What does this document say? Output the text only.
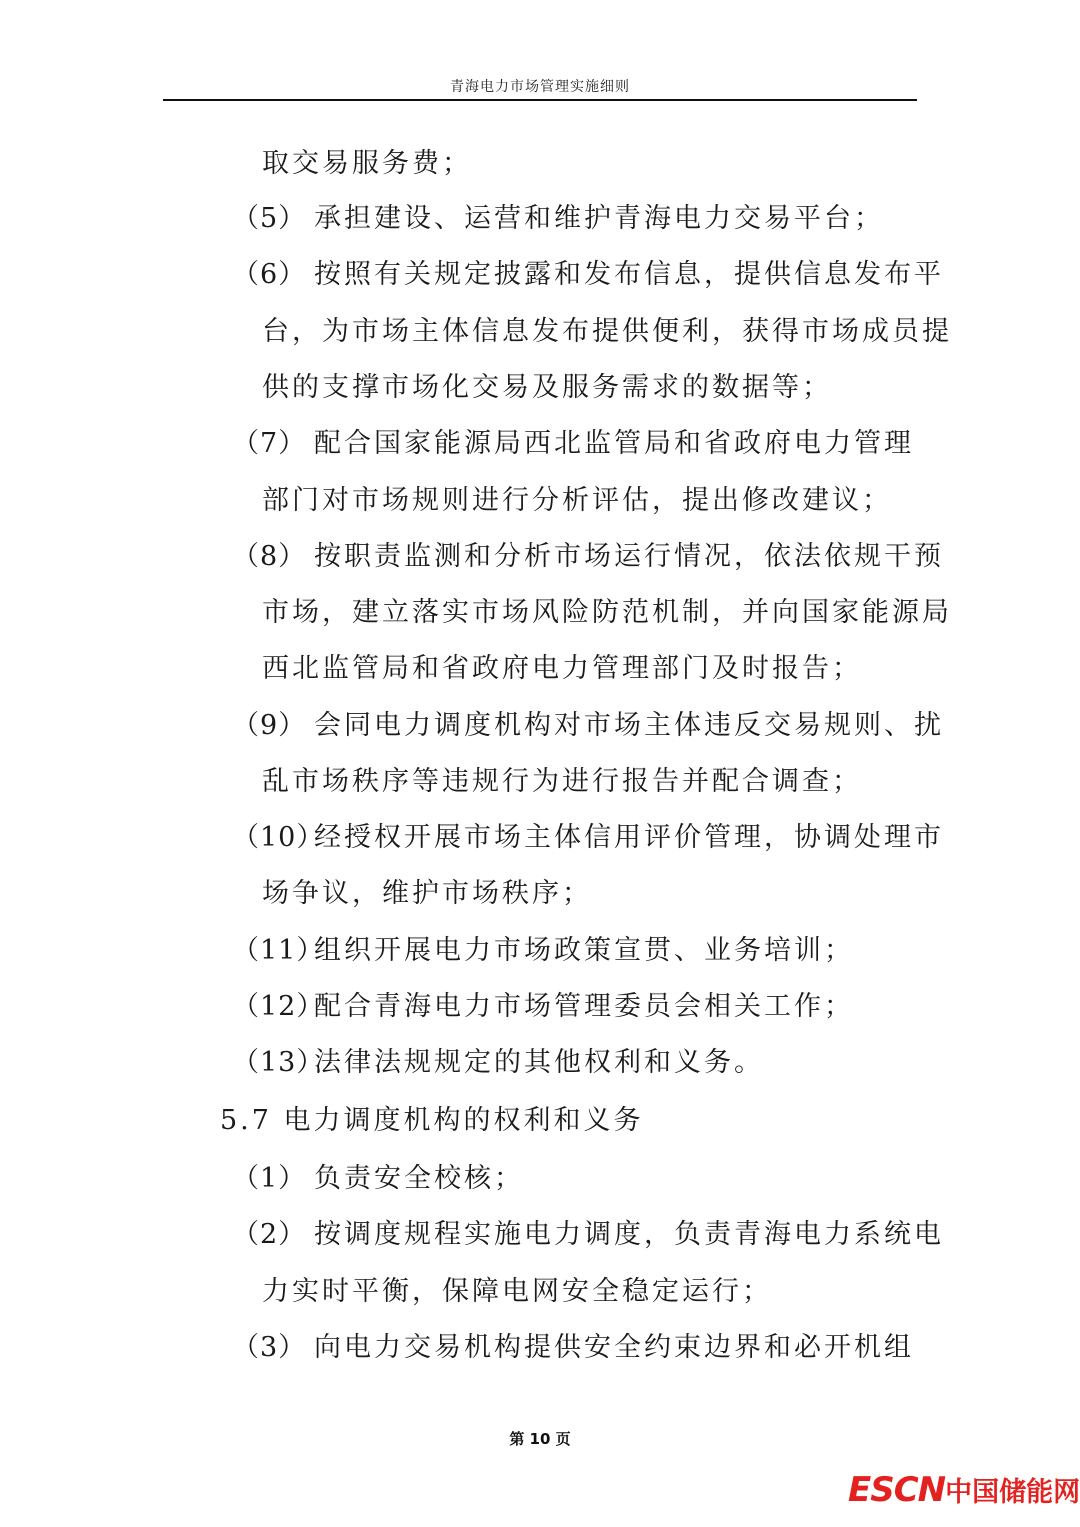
青海电力市场管理实施细则
取交易服务费；
（5） 承担建设、运营和维护青海电力交易平台；
（6） 按照有关规定披露和发布信息，提供信息发布平
台，为市场主体信息发布提供便利，获得市场成员提
供的支撑市场化交易及服务需求的数据等；
（7） 配合国家能源局西北监管局和省政府电力管理
部门对市场规则进行分析评估，提出修改建议；
（8） 按职责监测和分析市场运行情况，依法依规干预
市场，建立落实市场风险防范机制，并向国家能源局
西北监管局和省政府电力管理部门及时报告；
（9） 会同电力调度机构对市场主体违反交易规则、扰
乱市场秩序等违规行为进行报告并配合调查；
（10）经授权开展市场主体信用评价管理，协调处理市
场争议，维护市场秩序；
（11）组织开展电力市场政策宣贯、业务培训；
（12）配合青海电力市场管理委员会相关工作；
（13）法律法规规定的其他权利和义务。
5.7 电力调度机构的权利和义务
（1） 负责安全校核；
（2） 按调度规程实施电力调度，负责青海电力系统电
力实时平衡，保障电网安全稳定运行；
（3） 向电力交易机构提供安全约束边界和必开机组
第 10 页
ESCN中国储能网
